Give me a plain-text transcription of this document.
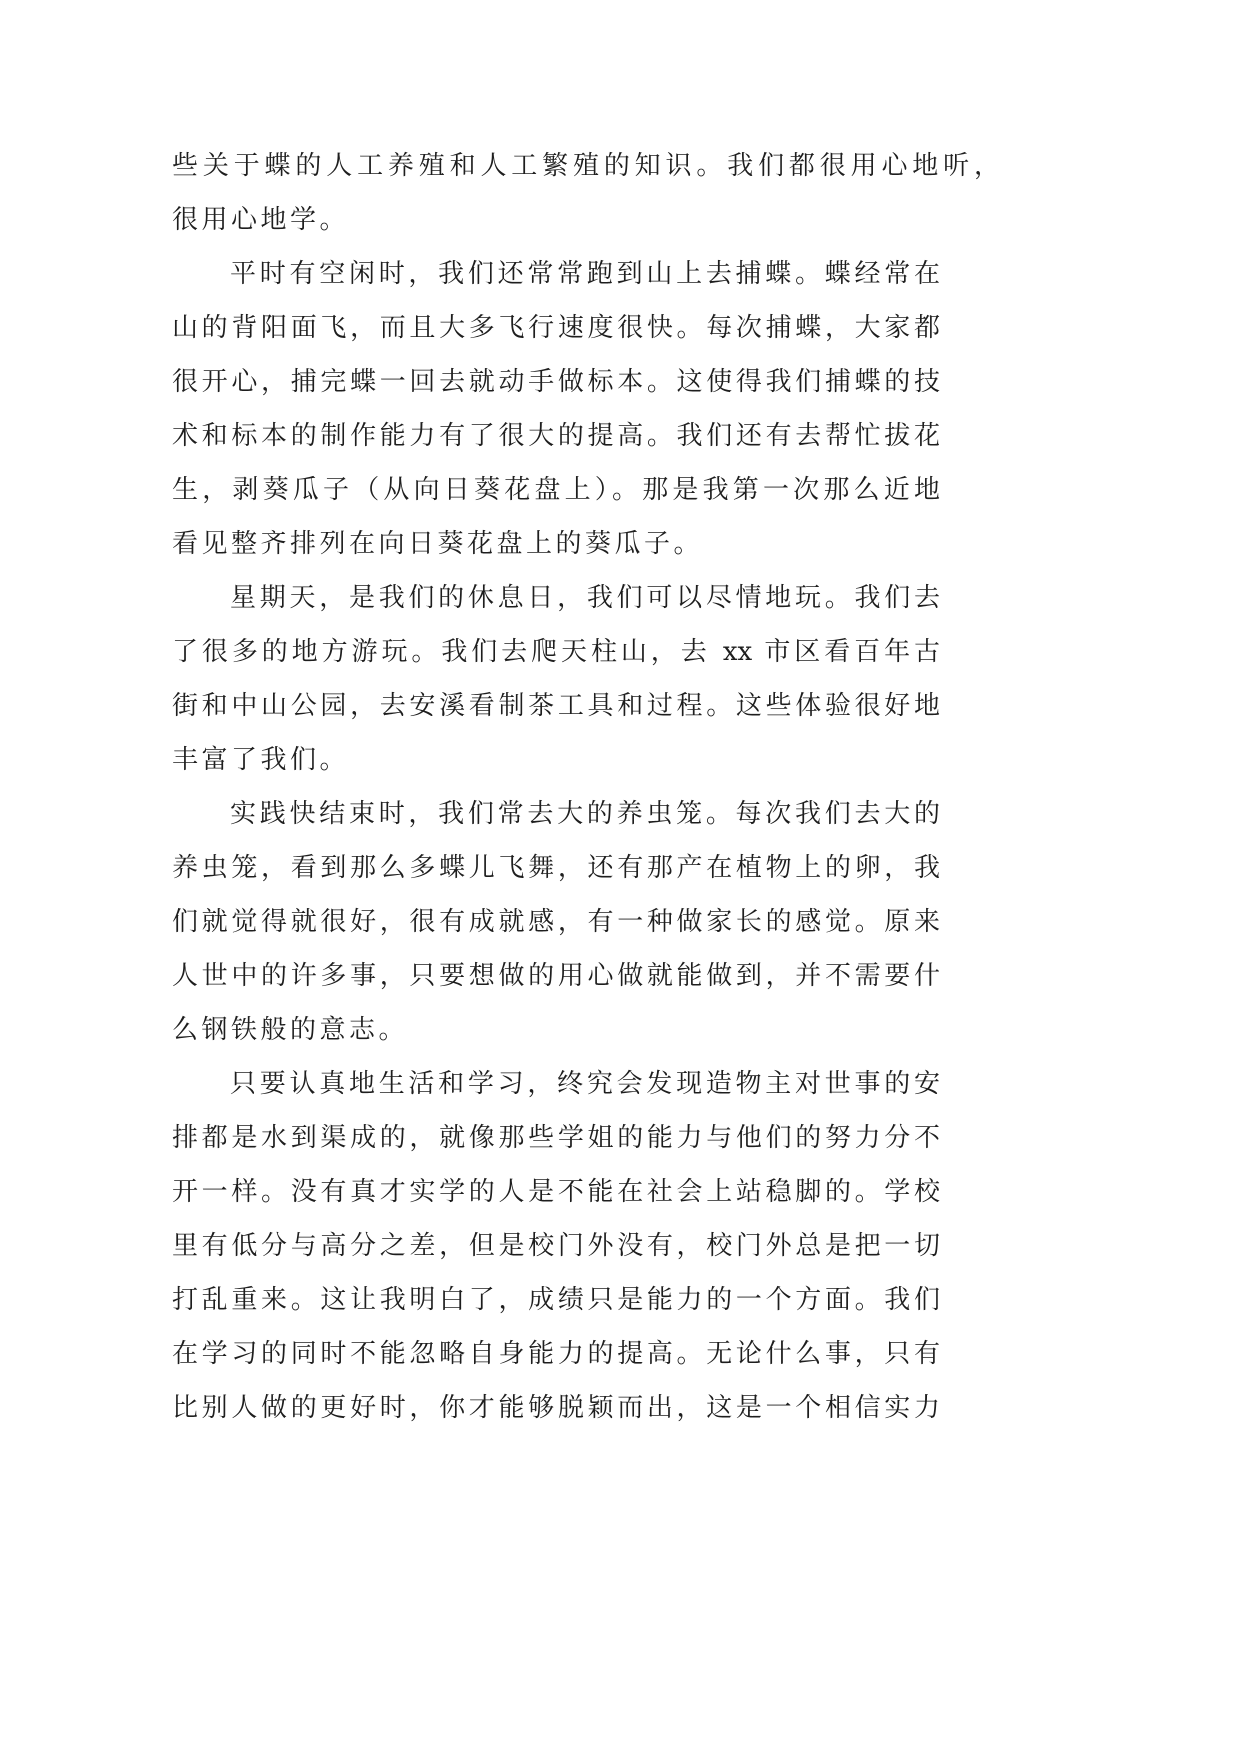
些关于蝶的人工养殖和人工繁殖的知识。我们都很用心地听，
很用心地学。
平时有空闲时，我们还常常跑到山上去捕蝶。蝶经常在
山的背阳面飞，而且大多飞行速度很快。每次捕蝶，大家都
很开心，捕完蝶一回去就动手做标本。这使得我们捕蝶的技
术和标本的制作能力有了很大的提高。我们还有去帮忙拔花
生，剥葵瓜子（从向日葵花盘上）。那是我第一次那么近地
看见整齐排列在向日葵花盘上的葵瓜子。
星期天，是我们的休息日，我们可以尽情地玩。我们去
了很多的地方游玩。我们去爬天柱山，去 xx 市区看百年古
街和中山公园，去安溪看制茶工具和过程。这些体验很好地
丰富了我们。
实践快结束时，我们常去大的养虫笼。每次我们去大的
养虫笼，看到那么多蝶儿飞舞，还有那产在植物上的卵，我
们就觉得就很好，很有成就感，有一种做家长的感觉。原来
人世中的许多事，只要想做的用心做就能做到，并不需要什
么钢铁般的意志。
只要认真地生活和学习，终究会发现造物主对世事的安
排都是水到渠成的，就像那些学姐的能力与他们的努力分不
开一样。没有真才实学的人是不能在社会上站稳脚的。学校
里有低分与高分之差，但是校门外没有，校门外总是把一切
打乱重来。这让我明白了，成绩只是能力的一个方面。我们
在学习的同时不能忽略自身能力的提高。无论什么事，只有
比别人做的更好时，你才能够脱颖而出，这是一个相信实力
